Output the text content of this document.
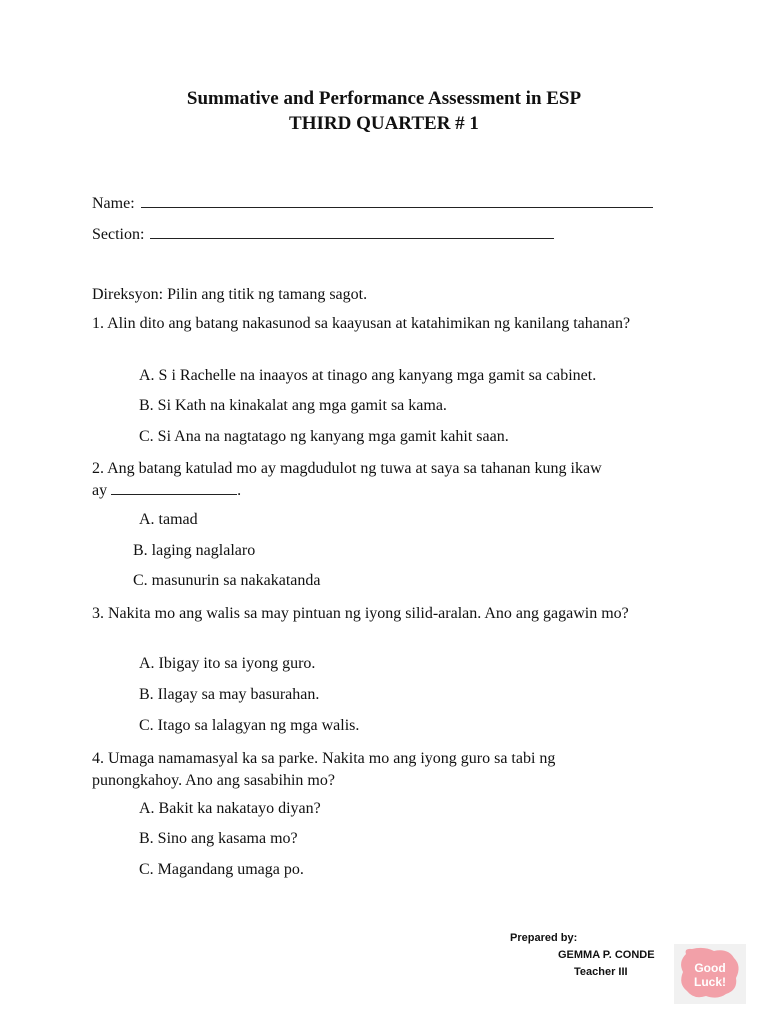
Summative and Performance Assessment in ESP
THIRD QUARTER # 1
Name:
Section:
Direksyon: Pilin ang titik ng tamang sagot.
1. Alin dito ang batang nakasunod sa kaayusan at katahimikan ng kanilang tahanan?
A. S i Rachelle na inaayos at tinago ang kanyang mga gamit sa cabinet.
B. Si Kath na kinakalat ang mga gamit sa kama.
C. Si Ana na nagtatago ng kanyang mga gamit kahit saan.
2. Ang batang katulad mo ay magdudulot ng tuwa at saya sa tahanan kung ikaw
ay	.
A. tamad
B. laging naglalaro
C. masunurin sa nakakatanda
3. Nakita mo ang walis sa may pintuan ng iyong silid-aralan. Ano ang gagawin mo?
A. Ibigay ito sa iyong guro.
B. Ilagay sa may basurahan.
C. Itago sa lalagyan ng mga walis.
4. Umaga namamasyal ka sa parke. Nakita mo ang iyong guro sa tabi ng punongkahoy. Ano ang sasabihin mo?
A. Bakit ka nakatayo diyan?
B. Sino ang kasama mo?
C. Magandang umaga po.
Prepared by:
GEMMA P. CONDE
Teacher III	Good
Luck!
